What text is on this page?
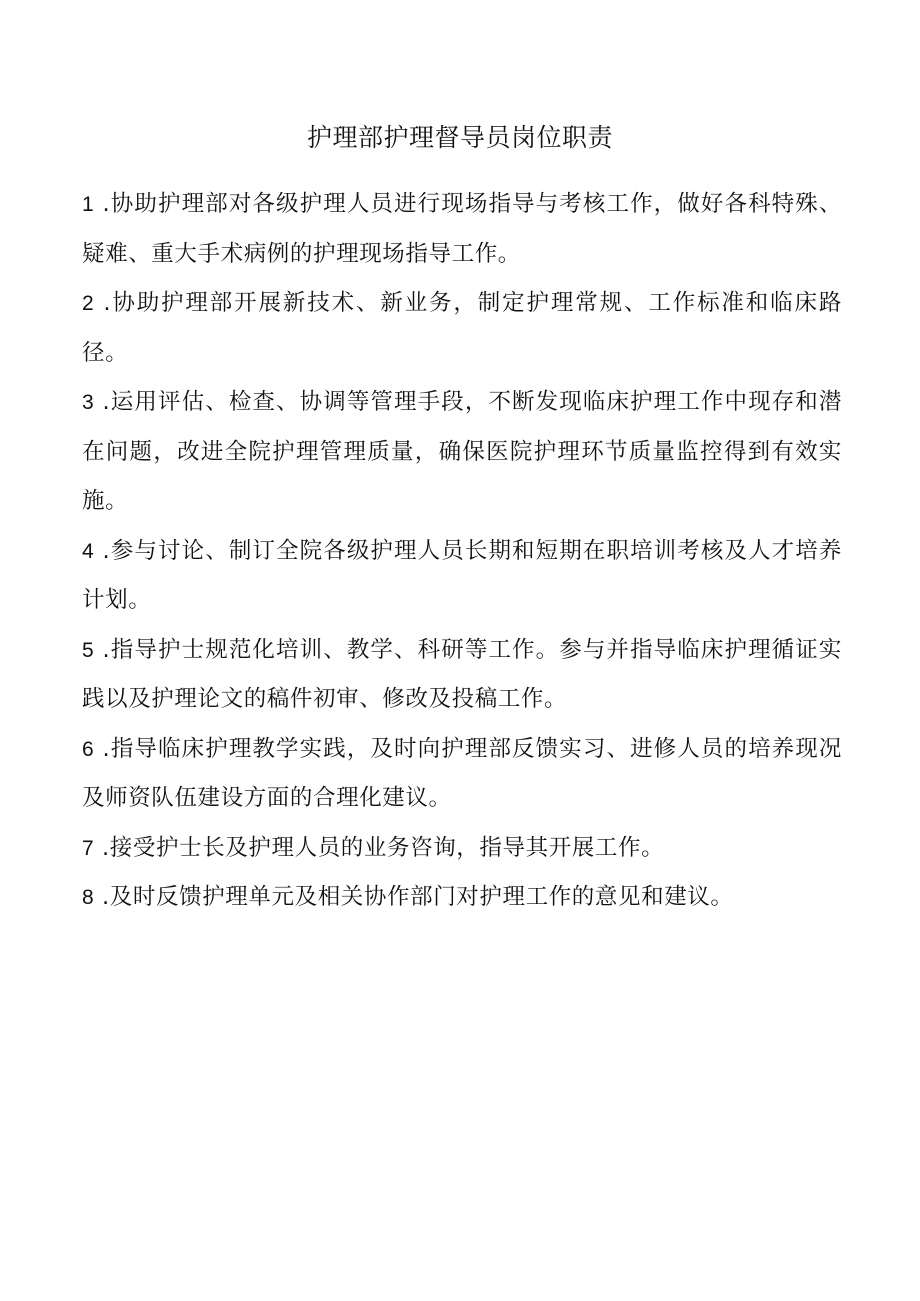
护理部护理督导员岗位职责
1 .协助护理部对各级护理人员进行现场指导与考核工作，做好各科特殊、疑难、重大手术病例的护理现场指导工作。
2 .协助护理部开展新技术、新业务，制定护理常规、工作标准和临床路径。
3 .运用评估、检查、协调等管理手段，不断发现临床护理工作中现存和潜在问题，改进全院护理管理质量，确保医院护理环节质量监控得到有效实施。
4 .参与讨论、制订全院各级护理人员长期和短期在职培训考核及人才培养计划。
5 .指导护士规范化培训、教学、科研等工作。参与并指导临床护理循证实践以及护理论文的稿件初审、修改及投稿工作。
6 .指导临床护理教学实践，及时向护理部反馈实习、进修人员的培养现况及师资队伍建设方面的合理化建议。
7 .接受护士长及护理人员的业务咨询，指导其开展工作。
8 .及时反馈护理单元及相关协作部门对护理工作的意见和建议。
